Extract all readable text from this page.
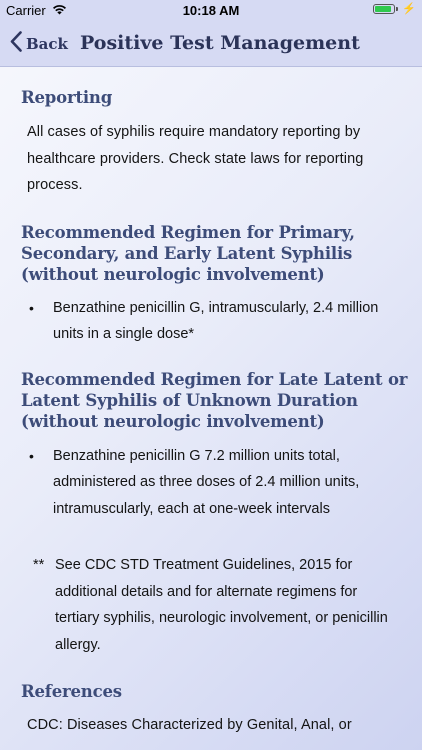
Carrier	10:18 AM	⚡
Back Positive Test Management
Reporting
All cases of syphilis require mandatory reporting by healthcare providers. Check state laws for reporting process.
Recommended Regimen for Primary, Secondary, and Early Latent Syphilis (without neurologic involvement)
•	Benzathine penicillin G, intramuscularly, 2.4 million units in a single dose*
Recommended Regimen for Late Latent or Latent Syphilis of Unknown Duration (without neurologic involvement)
•	Benzathine penicillin G 7.2 million units total, administered as three doses of 2.4 million units, intramuscularly, each at one-week intervals
** See CDC STD Treatment Guidelines, 2015 for additional details and for alternate regimens for tertiary syphilis, neurologic involvement, or penicillin allergy.
References
CDC: Diseases Characterized by Genital, Anal, or
